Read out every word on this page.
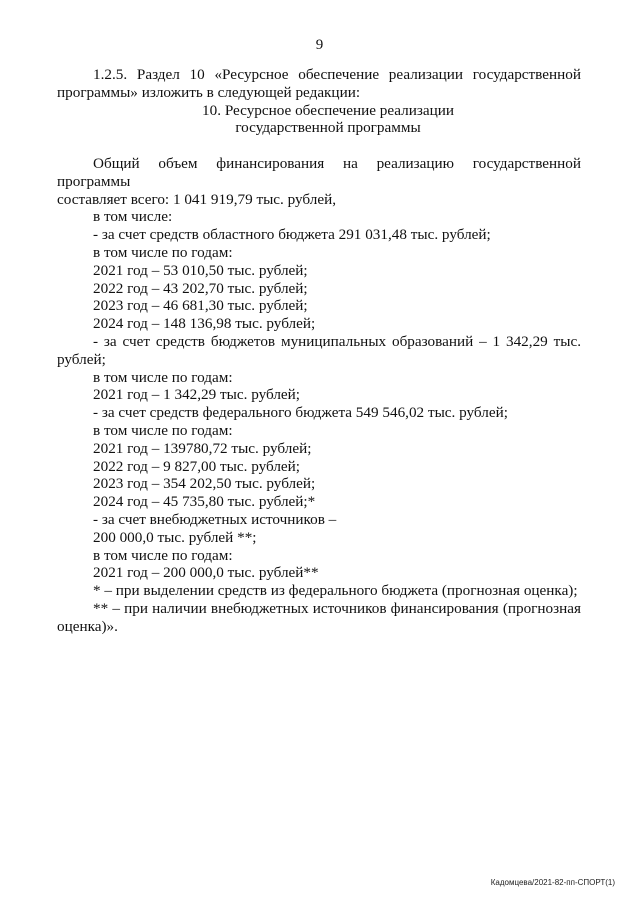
9

1.2.5. Раздел 10 «Ресурсное обеспечение реализации государственной

программы» изложить в следующей редакции:

10. Ресурсное обеспечение реализации

государственной программы

Общий объем финансирования на реализацию государственной программы

составляет всего: 1 041 919,79 тыс. рублей,

в том числе:

- за счет средств областного бюджета 291 031,48 тыс. рублей;

в том числе по годам:

2021 год – 53 010,50 тыс. рублей;

2022 год – 43 202,70 тыс. рублей;

2023 год – 46 681,30 тыс. рублей;

2024 год – 148 136,98 тыс. рублей;

- за счет средств бюджетов муниципальных образований – 1 342,29 тыс.

рублей;

в том числе по годам:

2021 год – 1 342,29 тыс. рублей;

- за счет средств федерального бюджета 549 546,02 тыс. рублей;

в том числе по годам:

2021 год – 139780,72 тыс. рублей;

2022 год – 9 827,00 тыс. рублей;

2023 год – 354 202,50 тыс. рублей;

2024 год – 45 735,80 тыс. рублей;*

- за счет внебюджетных источников –

200 000,0 тыс. рублей **;

в том числе по годам:

2021 год – 200 000,0 тыс. рублей**

* – при выделении средств из федерального бюджета (прогнозная оценка);

** – при наличии внебюджетных источников финансирования (прогнозная

оценка)».

Кадомцева/2021-82-пп-СПОРТ(1)
